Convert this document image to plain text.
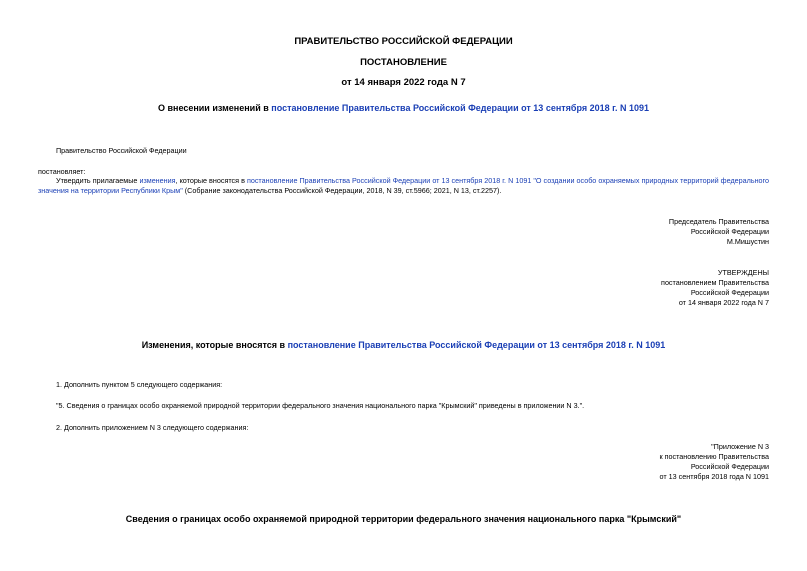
ПРАВИТЕЛЬСТВО РОССИЙСКОЙ ФЕДЕРАЦИИ
ПОСТАНОВЛЕНИЕ
от 14 января 2022 года N 7
О внесении изменений в постановление Правительства Российской Федерации от 13 сентября 2018 г. N 1091
Правительство Российской Федерации
постановляет:
Утвердить прилагаемые изменения, которые вносятся в постановление Правительства Российской Федерации от 13 сентября 2018 г. N 1091 "О создании особо охраняемых природных территорий федерального значения на территории Республики Крым" (Собрание законодательства Российской Федерации, 2018, N 39, ст.5966; 2021, N 13, ст.2257).
Председатель Правительства
Российской Федерации
М.Мишустин
УТВЕРЖДЕНЫ
постановлением Правительства
Российской Федерации
от 14 января 2022 года N 7
Изменения, которые вносятся в постановление Правительства Российской Федерации от 13 сентября 2018 г. N 1091
1. Дополнить пунктом 5 следующего содержания:
"5. Сведения о границах особо охраняемой природной территории федерального значения национального парка "Крымский" приведены в приложении N 3.".
2. Дополнить приложением N 3 следующего содержания:
"Приложение N 3
к постановлению Правительства
Российской Федерации
от 13 сентября 2018 года N 1091
Сведения о границах особо охраняемой природной территории федерального значения национального парка "Крымский"
